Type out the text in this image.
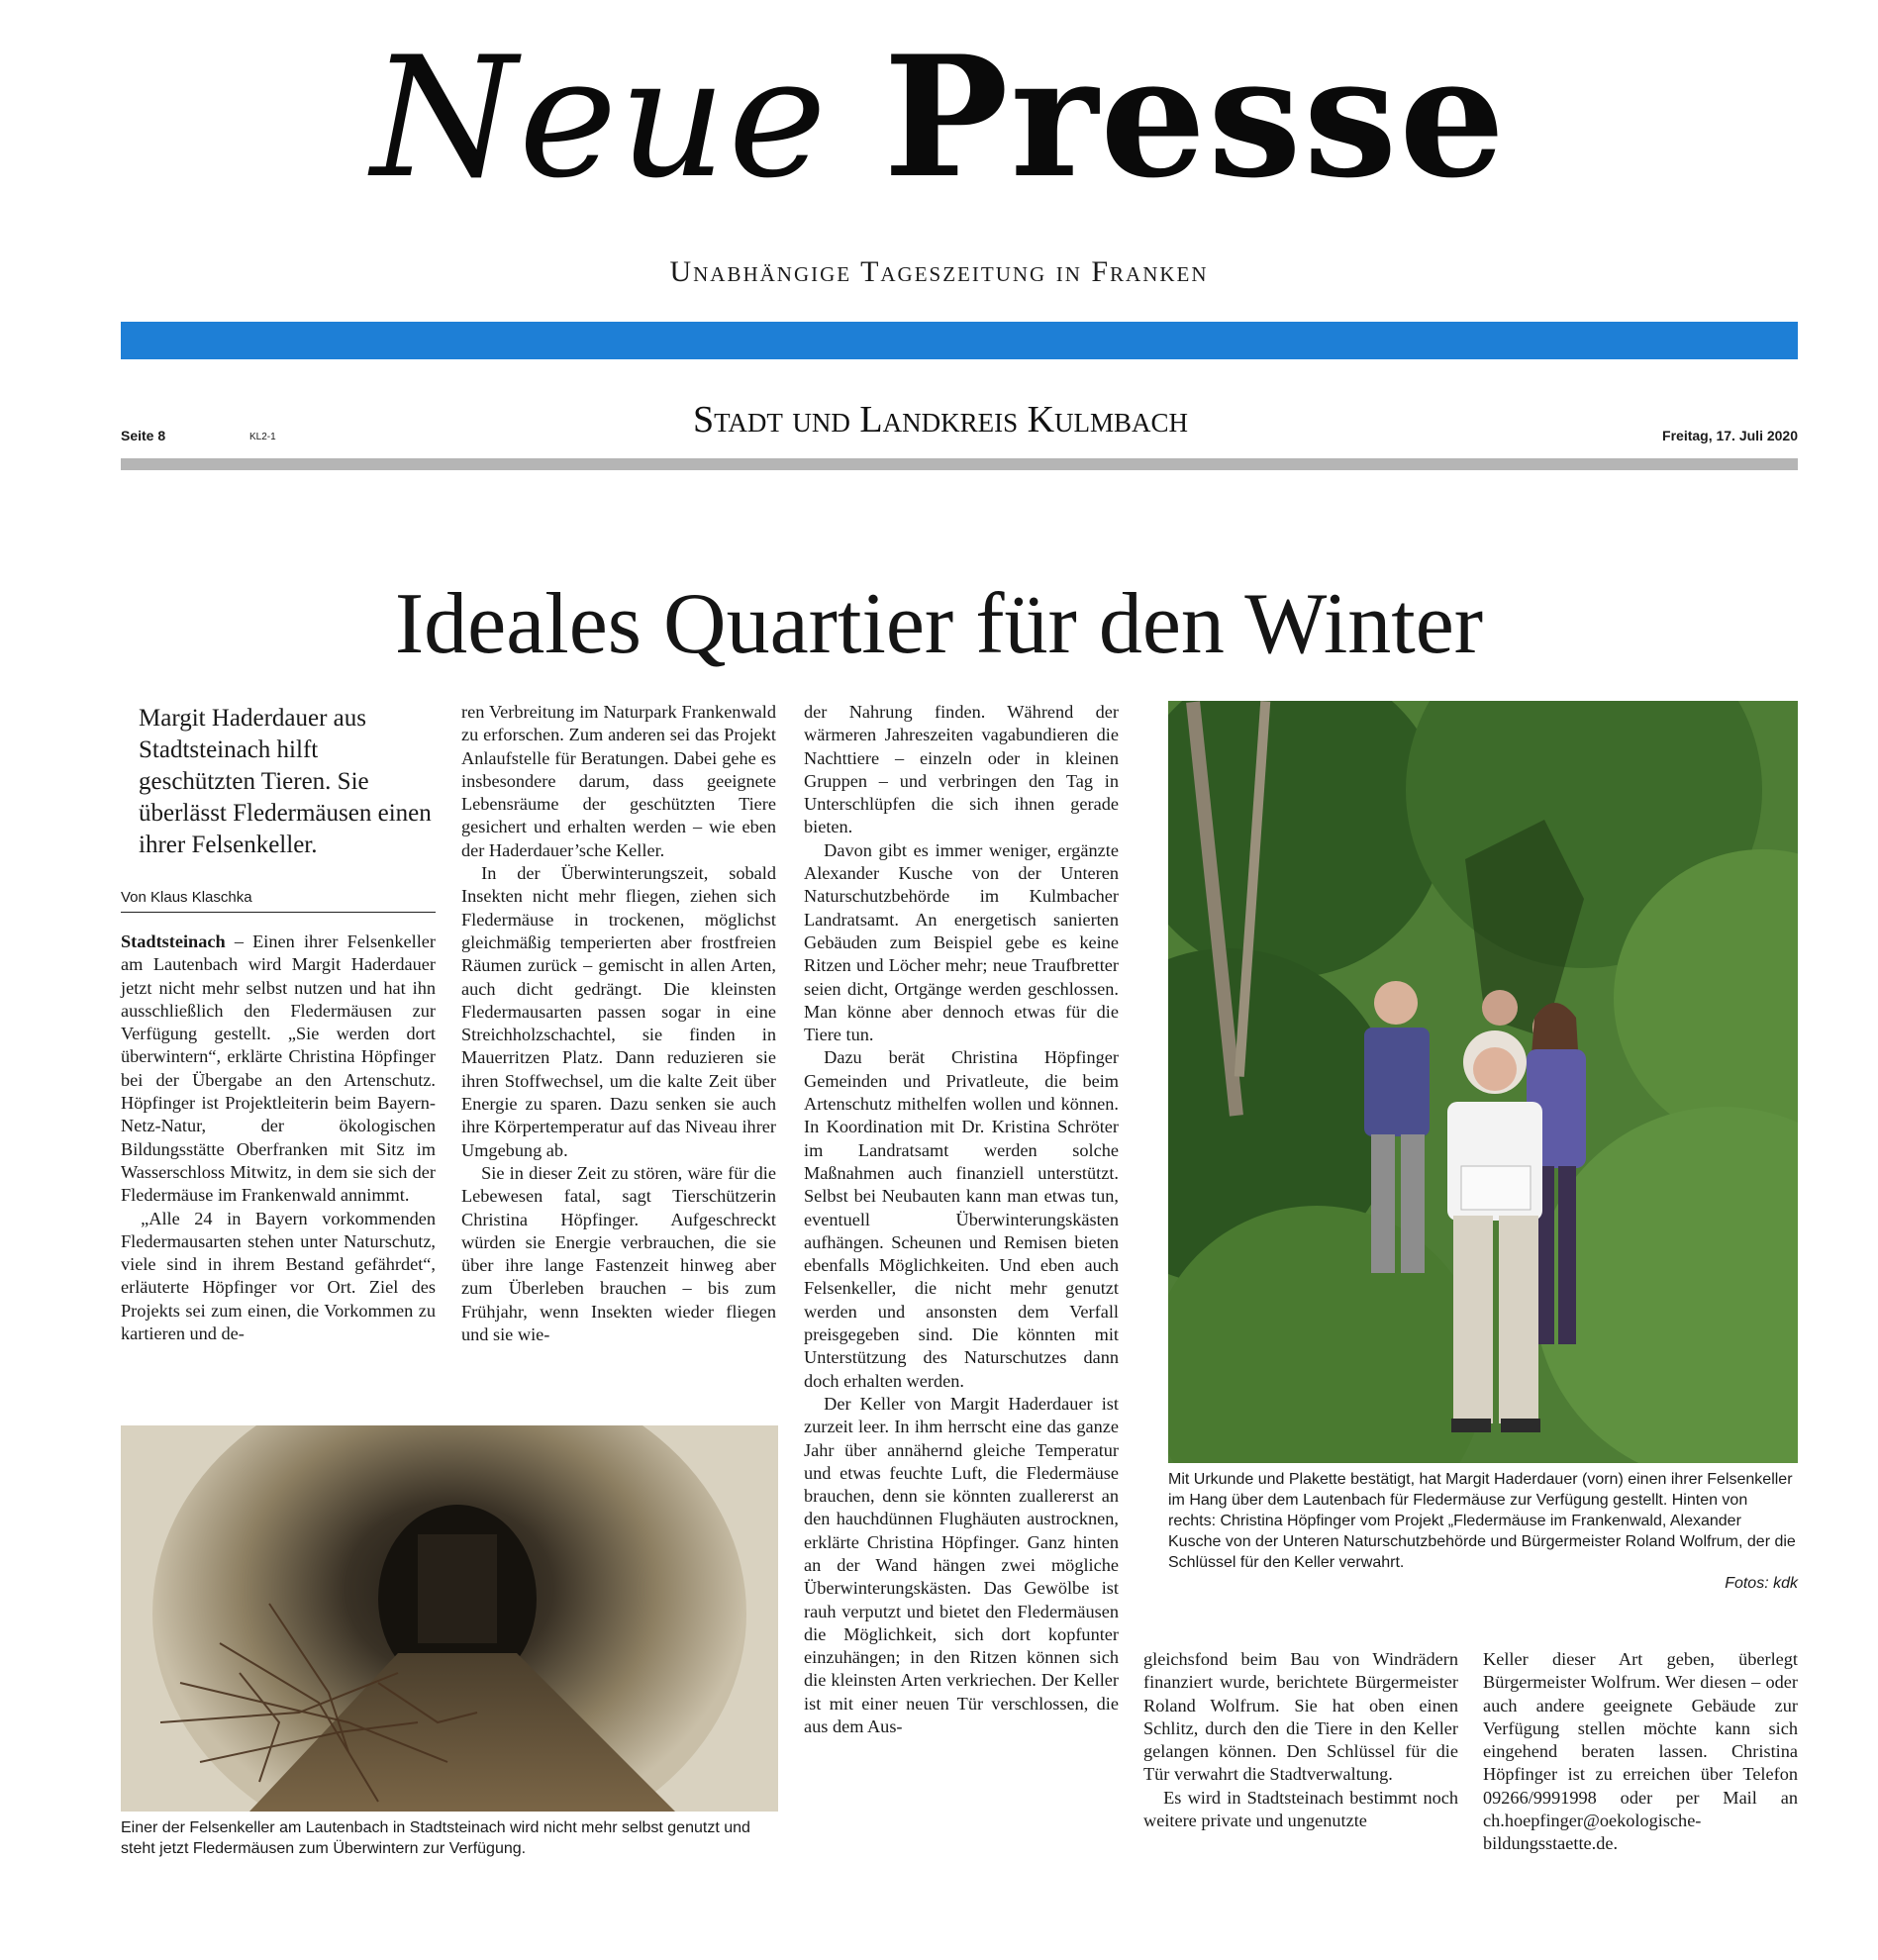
Neue Presse
Unabhängige Tageszeitung in Franken
Seite 8	KL2-1	Stadt und Landkreis Kulmbach	Freitag, 17. Juli 2020
Ideales Quartier für den Winter
Margit Haderdauer aus Stadtsteinach hilft geschützten Tieren. Sie überlässt Fledermäusen einen ihrer Felsenkeller.
Von Klaus Klaschka

Stadtsteinach – Einen ihrer Felsenkeller am Lautenbach wird Margit Haderdauer jetzt nicht mehr selbst nutzen und hat ihn ausschließlich den Fledermäusen zur Verfügung gestellt. „Sie werden dort überwintern“, erklärte Christina Höpfinger bei der Übergabe an den Artenschutz. Höpfinger ist Projektleiterin beim Bayern-Netz-Natur, der ökologischen Bildungsstätte Oberfranken mit Sitz im Wasserschloss Mitwitz, in dem sie sich der Fledermäuse im Frankenwald annimmt.

„Alle 24 in Bayern vorkommenden Fledermausarten stehen unter Naturschutz, viele sind in ihrem Bestand gefährdet“, erläuterte Höpfinger vor Ort. Ziel des Projekts sei zum einen, die Vorkommen zu kartieren und de-

ren Verbreitung im Naturpark Frankenwald zu erforschen. Zum anderen sei das Projekt Anlaufstelle für Beratungen. Dabei gehe es insbesondere darum, dass geeignete Lebensräume der geschützten Tiere gesichert und erhalten werden – wie eben der Haderdauer’sche Keller.

In der Überwinterungszeit, sobald Insekten nicht mehr fliegen, ziehen sich Fledermäuse in trockenen, möglichst gleichmäßig temperierten aber frostfreien Räumen zurück – gemischt in allen Arten, auch dicht gedrängt. Die kleinsten Fledermausarten passen sogar in eine Streichholzschachtel, sie finden in Mauerritzen Platz. Dann reduzieren sie ihren Stoffwechsel, um die kalte Zeit über Energie zu sparen. Dazu senken sie auch ihre Körpertemperatur auf das Niveau ihrer Umgebung ab.

Sie in dieser Zeit zu stören, wäre für die Lebewesen fatal, sagt Tierschützerin Christina Höpfinger. Aufgeschreckt würden sie Energie verbrauchen, die sie über ihre lange Fastenzeit hinweg aber zum Überleben brauchen – bis zum Frühjahr, wenn Insekten wieder fliegen und sie wie-

der Nahrung finden. Während der wärmeren Jahreszeiten vagabundieren die Nachttiere – einzeln oder in kleinen Gruppen – und verbringen den Tag in Unterschlüpfen die sich ihnen gerade bieten.

Davon gibt es immer weniger, ergänzte Alexander Kusche von der Unteren Naturschutzbehörde im Kulmbacher Landratsamt. An energetisch sanierten Gebäuden zum Beispiel gebe es keine Ritzen und Löcher mehr; neue Traufbretter seien dicht, Ortgänge werden geschlossen. Man könne aber dennoch etwas für die Tiere tun.

Dazu berät Christina Höpfinger Gemeinden und Privatleute, die beim Artenschutz mithelfen wollen und können. In Koordination mit Dr. Kristina Schröter im Landratsamt werden solche Maßnahmen auch finanziell unterstützt. Selbst bei Neubauten kann man etwas tun, eventuell Überwinterungskästen aufhängen. Scheunen und Remisen bieten ebenfalls Möglichkeiten. Und eben auch Felsenkeller, die nicht mehr genutzt werden und ansonsten dem Verfall preisgegeben sind. Die könnten mit Unterstützung des Naturschutzes dann doch erhalten werden.

Der Keller von Margit Haderdauer ist zurzeit leer. In ihm herrscht eine das ganze Jahr über annähernd gleiche Temperatur und etwas feuchte Luft, die Fledermäuse brauchen, denn sie könnten zuallererst an den hauchdünnen Flughäuten austrocknen, erklärte Christina Höpfinger. Ganz hinten an der Wand hängen zwei mögliche Überwinterungskästen. Das Gewölbe ist rauh verputzt und bietet den Fledermäusen die Möglichkeit, sich dort kopfunter einzuhängen; in den Ritzen können sich die kleinsten Arten verkriechen. Der Keller ist mit einer neuen Tür verschlossen, die aus dem Aus-

gleichsfond beim Bau von Windrädern finanziert wurde, berichtete Bürgermeister Roland Wolfrum. Sie hat oben einen Schlitz, durch den die Tiere in den Keller gelangen können. Den Schlüssel für die Tür verwahrt die Stadtverwaltung.

Es wird in Stadtsteinach bestimmt noch weitere private und ungenutzte

Keller dieser Art geben, überlegt Bürgermeister Wolfrum. Wer diesen – oder auch andere geeignete Gebäude zur Verfügung stellen möchte kann sich eingehend beraten lassen. Christina Höpfinger ist zu erreichen über Telefon 09266/9991998 oder per Mail an ch.hoepfinger@oekologische-bildungsstaette.de.

Einer der Felsenkeller am Lautenbach in Stadtsteinach wird nicht mehr selbst genutzt und steht jetzt Fledermäusen zum Überwintern zur Verfügung.
Mit Urkunde und Plakette bestätigt, hat Margit Haderdauer (vorn) einen ihrer Felsenkeller im Hang über dem Lautenbach für Fledermäuse zur Verfügung gestellt. Hinten von rechts: Christina Höpfinger vom Projekt „Fledermäuse im Frankenwald, Alexander Kusche von der Unteren Naturschutzbehörde und Bürgermeister Roland Wolfrum, der die Schlüssel für den Keller verwahrt.
Fotos: kdk
